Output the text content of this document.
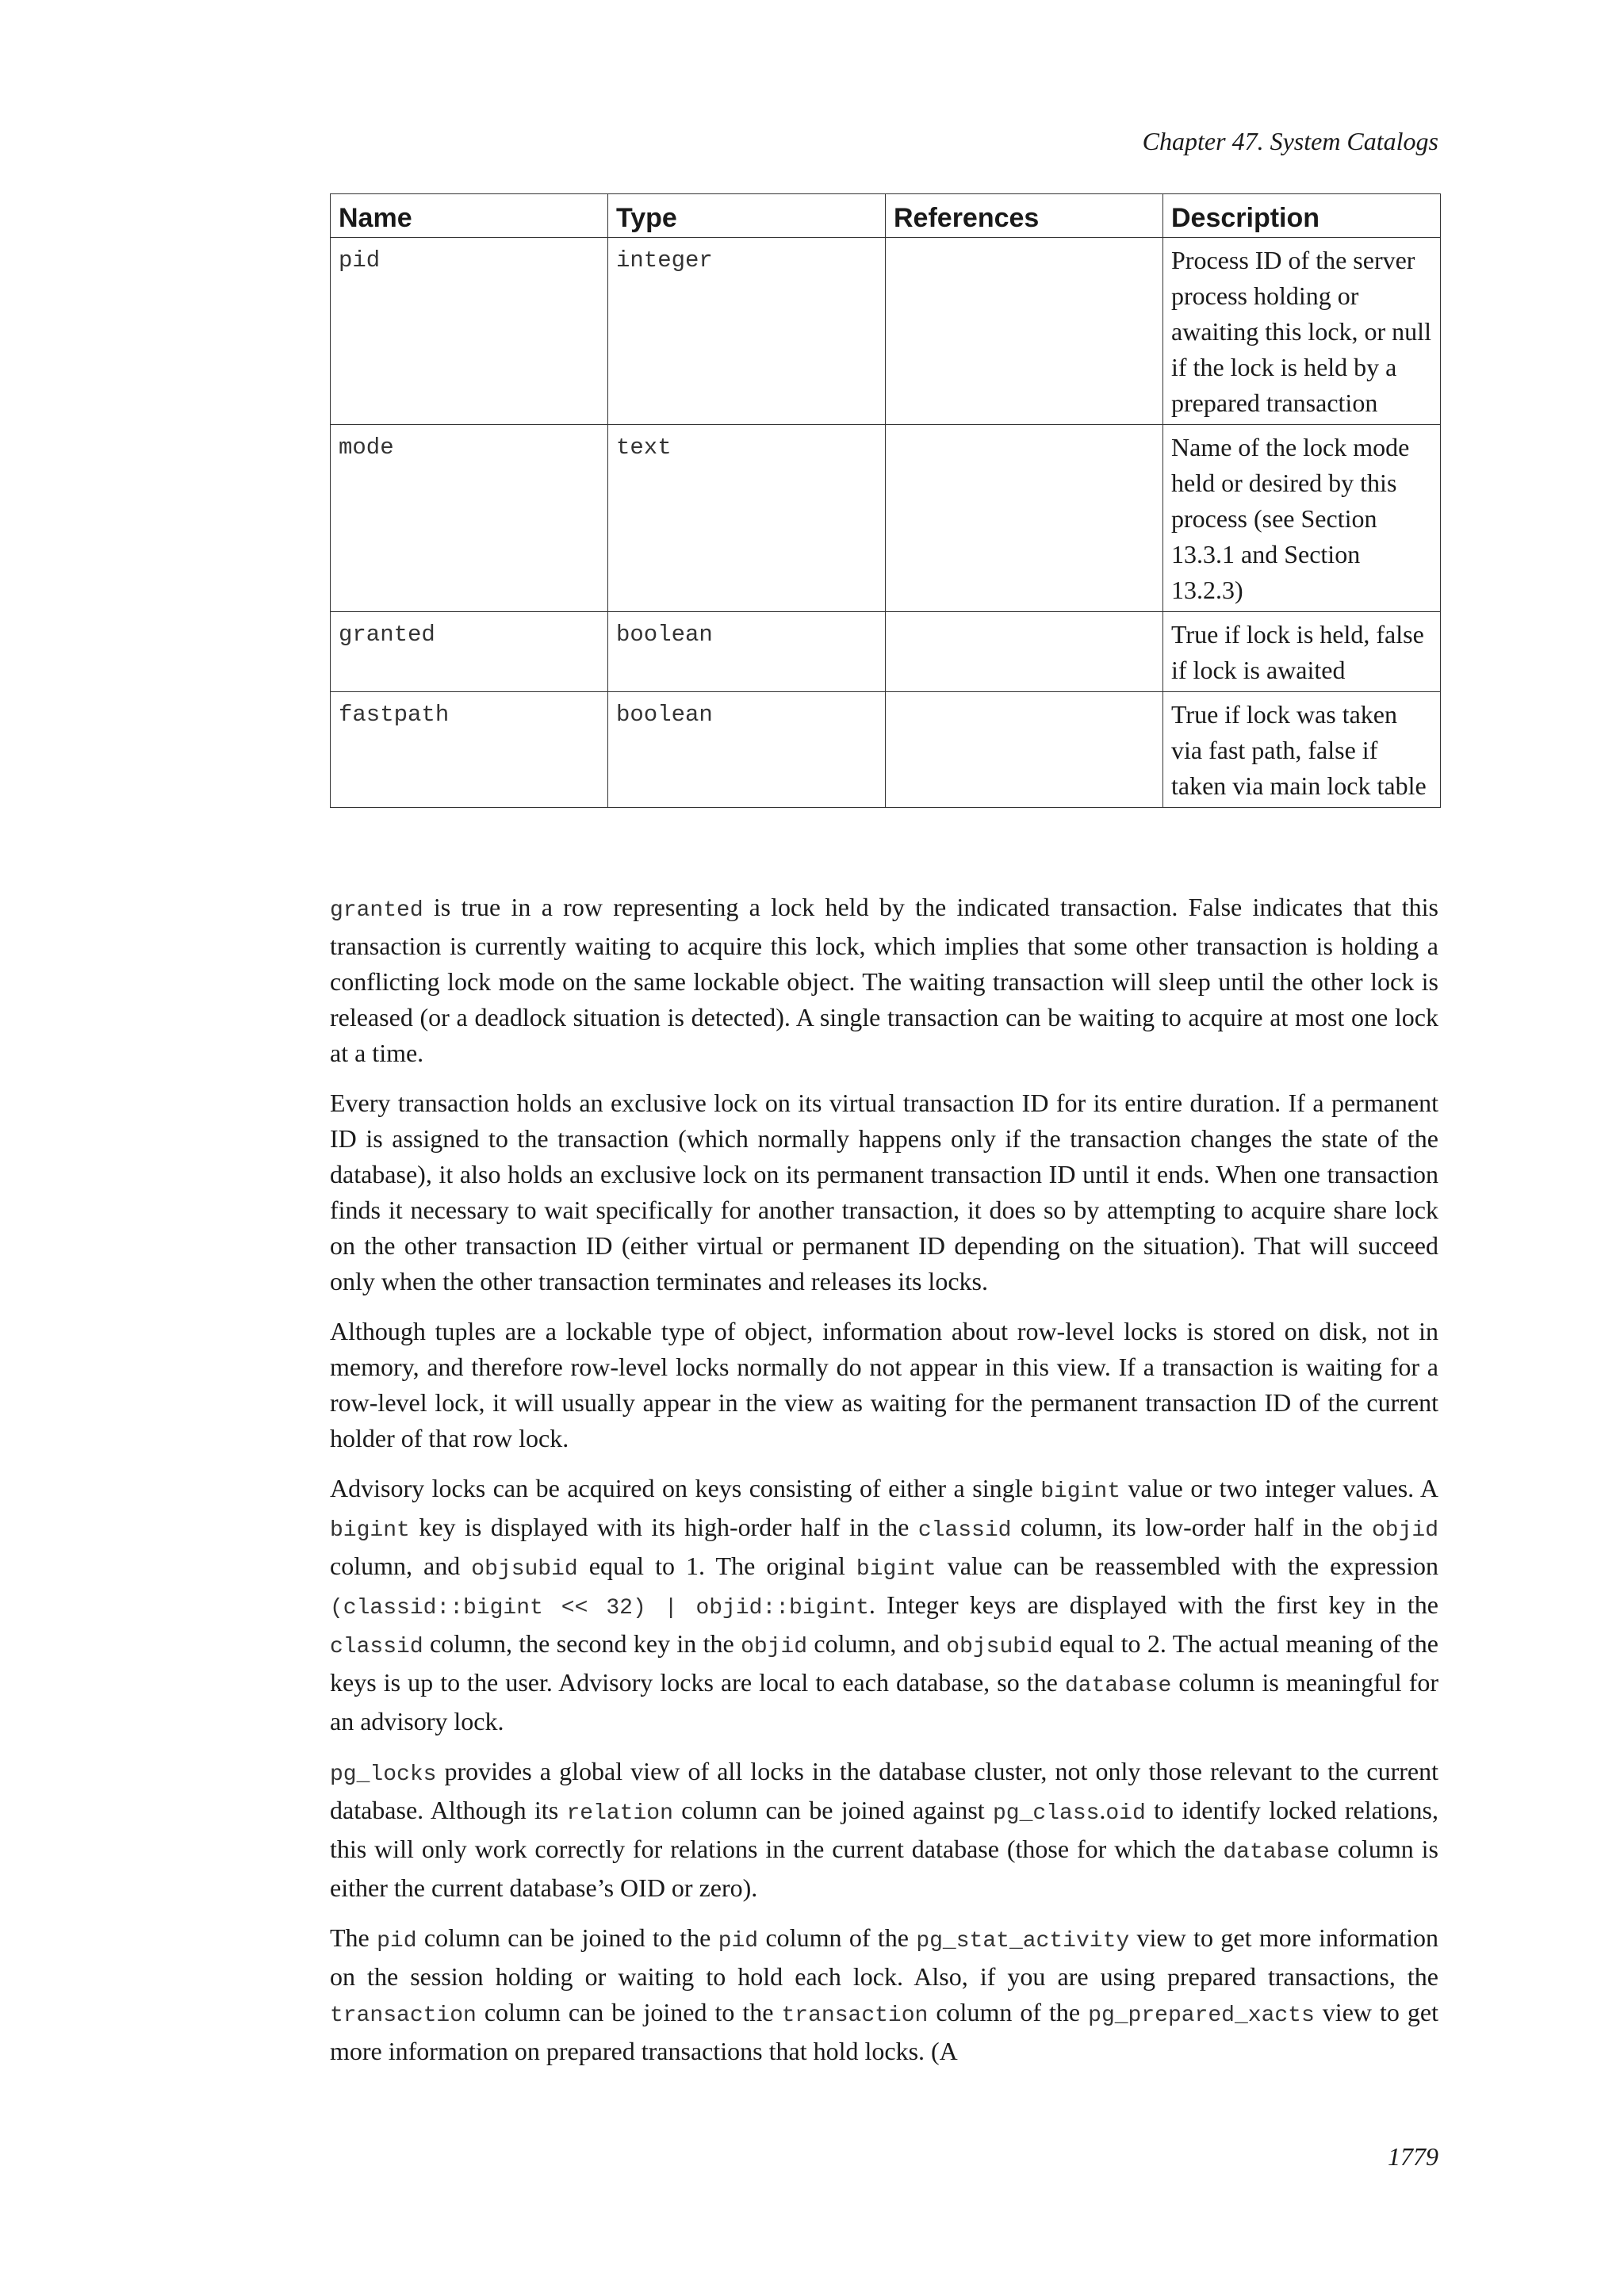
Chapter 47. System Catalogs
Name	Type	References	Description
pid	integer		Process ID of the server process holding or awaiting this lock, or null if the lock is held by a prepared transaction
mode	text		Name of the lock mode held or desired by this process (see Section 13.3.1 and Section 13.2.3)
granted	boolean		True if lock is held, false if lock is awaited
fastpath	boolean		True if lock was taken via fast path, false if taken via main lock table

granted is true in a row representing a lock held by the indicated transaction. False indicates that this transaction is currently waiting to acquire this lock, which implies that some other transaction is holding a conflicting lock mode on the same lockable object. The waiting transaction will sleep until the other lock is released (or a deadlock situation is detected). A single transaction can be waiting to acquire at most one lock at a time.

Every transaction holds an exclusive lock on its virtual transaction ID for its entire duration. If a permanent ID is assigned to the transaction (which normally happens only if the transaction changes the state of the database), it also holds an exclusive lock on its permanent transaction ID until it ends. When one transaction finds it necessary to wait specifically for another transaction, it does so by attempting to acquire share lock on the other transaction ID (either virtual or permanent ID depending on the situation). That will succeed only when the other transaction terminates and releases its locks.

Although tuples are a lockable type of object, information about row-level locks is stored on disk, not in memory, and therefore row-level locks normally do not appear in this view. If a transaction is waiting for a row-level lock, it will usually appear in the view as waiting for the permanent transaction ID of the current holder of that row lock.

Advisory locks can be acquired on keys consisting of either a single bigint value or two integer values. A bigint key is displayed with its high-order half in the classid column, its low-order half in the objid column, and objsubid equal to 1. The original bigint value can be reassembled with the expression (classid::bigint << 32) | objid::bigint. Integer keys are displayed with the first key in the classid column, the second key in the objid column, and objsubid equal to 2. The actual meaning of the keys is up to the user. Advisory locks are local to each database, so the database column is meaningful for an advisory lock.

pg_locks provides a global view of all locks in the database cluster, not only those relevant to the current database. Although its relation column can be joined against pg_class.oid to identify locked relations, this will only work correctly for relations in the current database (those for which the database column is either the current database’s OID or zero).

The pid column can be joined to the pid column of the pg_stat_activity view to get more information on the session holding or waiting to hold each lock. Also, if you are using prepared transactions, the transaction column can be joined to the transaction column of the pg_prepared_xacts view to get more information on prepared transactions that hold locks. (A

1779
